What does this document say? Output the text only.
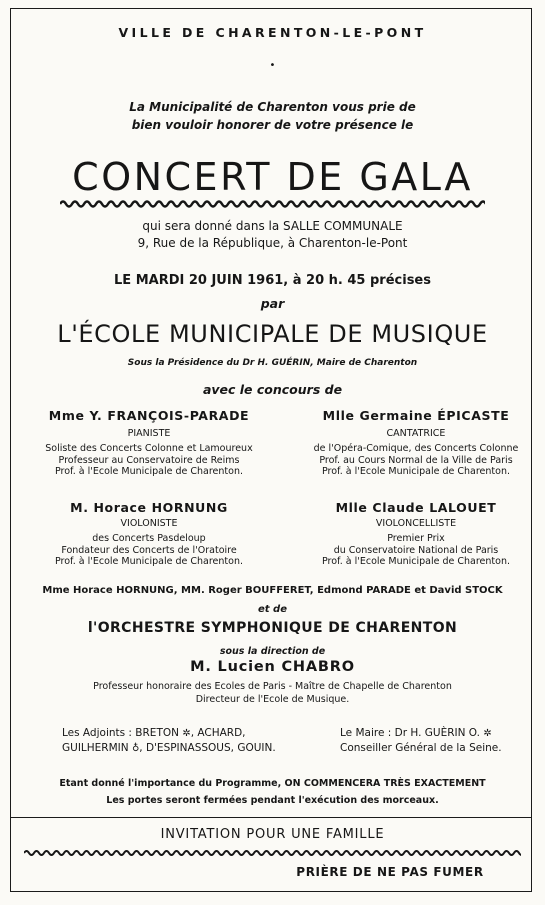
VILLE DE CHARENTON-LE-PONT
•
La Municipalité de Charenton vous prie de
bien vouloir honorer de votre présence le
CONCERT DE GALA
qui sera donné dans la SALLE COMMUNALE
9, Rue de la République, à Charenton-le-Pont
LE MARDI 20 JUIN 1961, à 20 h. 45 précises
par
L'ÉCOLE MUNICIPALE DE MUSIQUE
Sous la Présidence du Dr H. GUÉRIN, Maire de Charenton
avec le concours de
Mme Y. FRANÇOIS-PARADE
PIANISTE
Soliste des Concerts Colonne et Lamoureux
Professeur au Conservatoire de Reims
Prof. à l'Ecole Municipale de Charenton.
Mlle Germaine ÉPICASTE
CANTATRICE
de l'Opéra-Comique, des Concerts Colonne
Prof. au Cours Normal de la Ville de Paris
Prof. à l'Ecole Municipale de Charenton.
M. Horace HORNUNG
VIOLONISTE
des Concerts Pasdeloup
Fondateur des Concerts de l'Oratoire
Prof. à l'Ecole Municipale de Charenton.
Mlle Claude LALOUET
VIOLONCELLISTE
Premier Prix
du Conservatoire National de Paris
Prof. à l'Ecole Municipale de Charenton.
Mme Horace HORNUNG, MM. Roger BOUFFERET, Edmond PARADE et David STOCK
et de
l'ORCHESTRE SYMPHONIQUE DE CHARENTON
sous la direction de
M. Lucien CHABRO
Professeur honoraire des Ecoles de Paris - Maître de Chapelle de Charenton
Directeur de l'Ecole de Musique.
Les Adjoints : BRETON ✲, ACHARD,
GUILHERMIN ♁, D'ESPINASSOUS, GOUIN.
Le Maire : Dr H. GUÈRIN O. ✲
Conseiller Général de la Seine.
Etant donné l'importance du Programme, ON COMMENCERA TRÈS EXACTEMENT
Les portes seront fermées pendant l'exécution des morceaux.
INVITATION POUR UNE FAMILLE
PRIÈRE DE NE PAS FUMER
